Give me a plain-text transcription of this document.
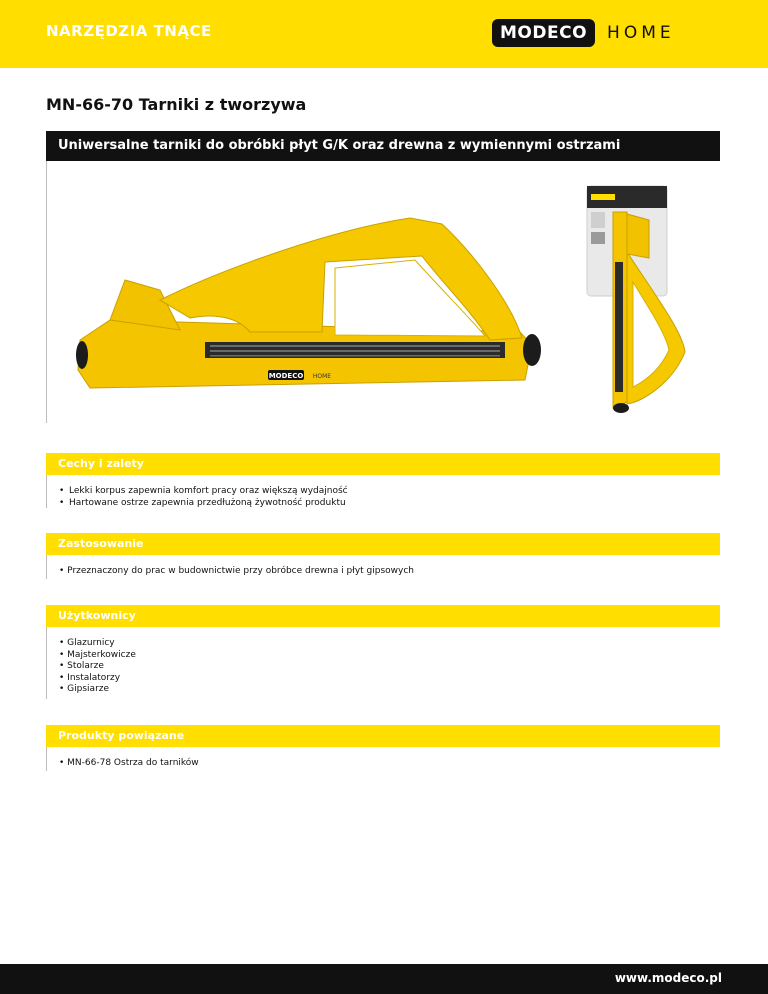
NARZĘDZIA TNĄCE	MODECO	HOME
MN-66-70 Tarniki z tworzywa
Uniwersalne tarniki do obróbki płyt G/K oraz drewna z wymiennymi ostrzami
MODECO HOME
Cechy i zalety
• Lekki korpus zapewnia komfort pracy oraz większą wydajność
• Hartowane ostrze zapewnia przedłużoną żywotność produktu
Zastosowanie
• Przeznaczony do prac w budownictwie przy obróbce drewna i płyt gipsowych
Użytkownicy
• Glazurnicy
• Majsterkowicze
• Stolarze
• Instalatorzy
• Gipsiarze
Produkty powiązane
• MN-66-78 Ostrza do tarników
www.modeco.pl
